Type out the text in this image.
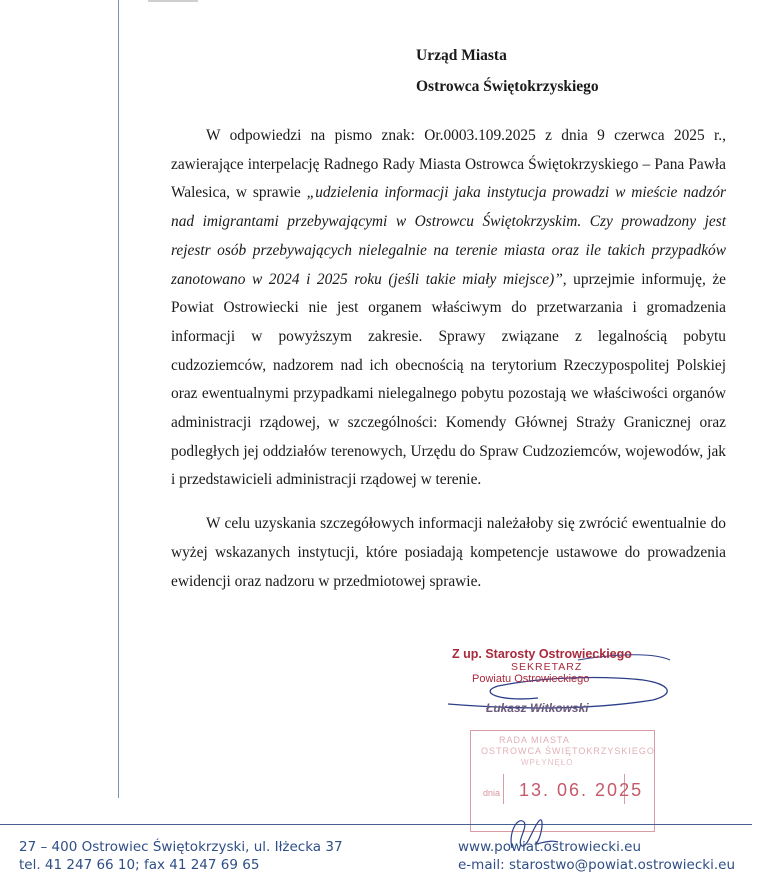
Urząd Miasta
Ostrowca Świętokrzyskiego

W odpowiedzi na pismo znak: Or.0003.109.2025 z dnia 9 czerwca 2025 r., zawierające interpelację Radnego Rady Miasta Ostrowca Świętokrzyskiego – Pana Pawła Walesica, w sprawie „udzielenia informacji jaka instytucja prowadzi w mieście nadzór nad imigrantami przebywającymi w Ostrowcu Świętokrzyskim. Czy prowadzony jest rejestr osób przebywających nielegalnie na terenie miasta oraz ile takich przypadków zanotowano w 2024 i 2025 roku (jeśli takie miały miejsce)”, uprzejmie informuję, że Powiat Ostrowiecki nie jest organem właściwym do przetwarzania i gromadzenia informacji w powyższym zakresie. Sprawy związane z legalnością pobytu cudzoziemców, nadzorem nad ich obecnością na terytorium Rzeczypospolitej Polskiej oraz ewentualnymi przypadkami nielegalnego pobytu pozostają we właściwości organów administracji rządowej, w szczególności: Komendy Głównej Straży Granicznej oraz podległych jej oddziałów terenowych, Urzędu do Spraw Cudzoziemców, wojewodów, jak i przedstawicieli administracji rządowej w terenie.

W celu uzyskania szczegółowych informacji należałoby się zwrócić ewentualnie do wyżej wskazanych instytucji, które posiadają kompetencje ustawowe do prowadzenia ewidencji oraz nadzoru w przedmiotowej sprawie.

Z up. Starosty Ostrowieckiego
SEKRETARZ
Powiatu Ostrowieckiego
Łukasz Witkowski
RADA MIASTA
OSTROWCA ŚWIĘTOKRZYSKIEGO
WPŁYNĘŁO
dnia 13. 06. 2025
27 – 400 Ostrowiec Świętokrzyski, ul. Iłżecka 37
tel. 41 247 66 10; fax 41 247 69 65
www.powiat.ostrowiecki.eu
e-mail: starostwo@powiat.ostrowiecki.eu
